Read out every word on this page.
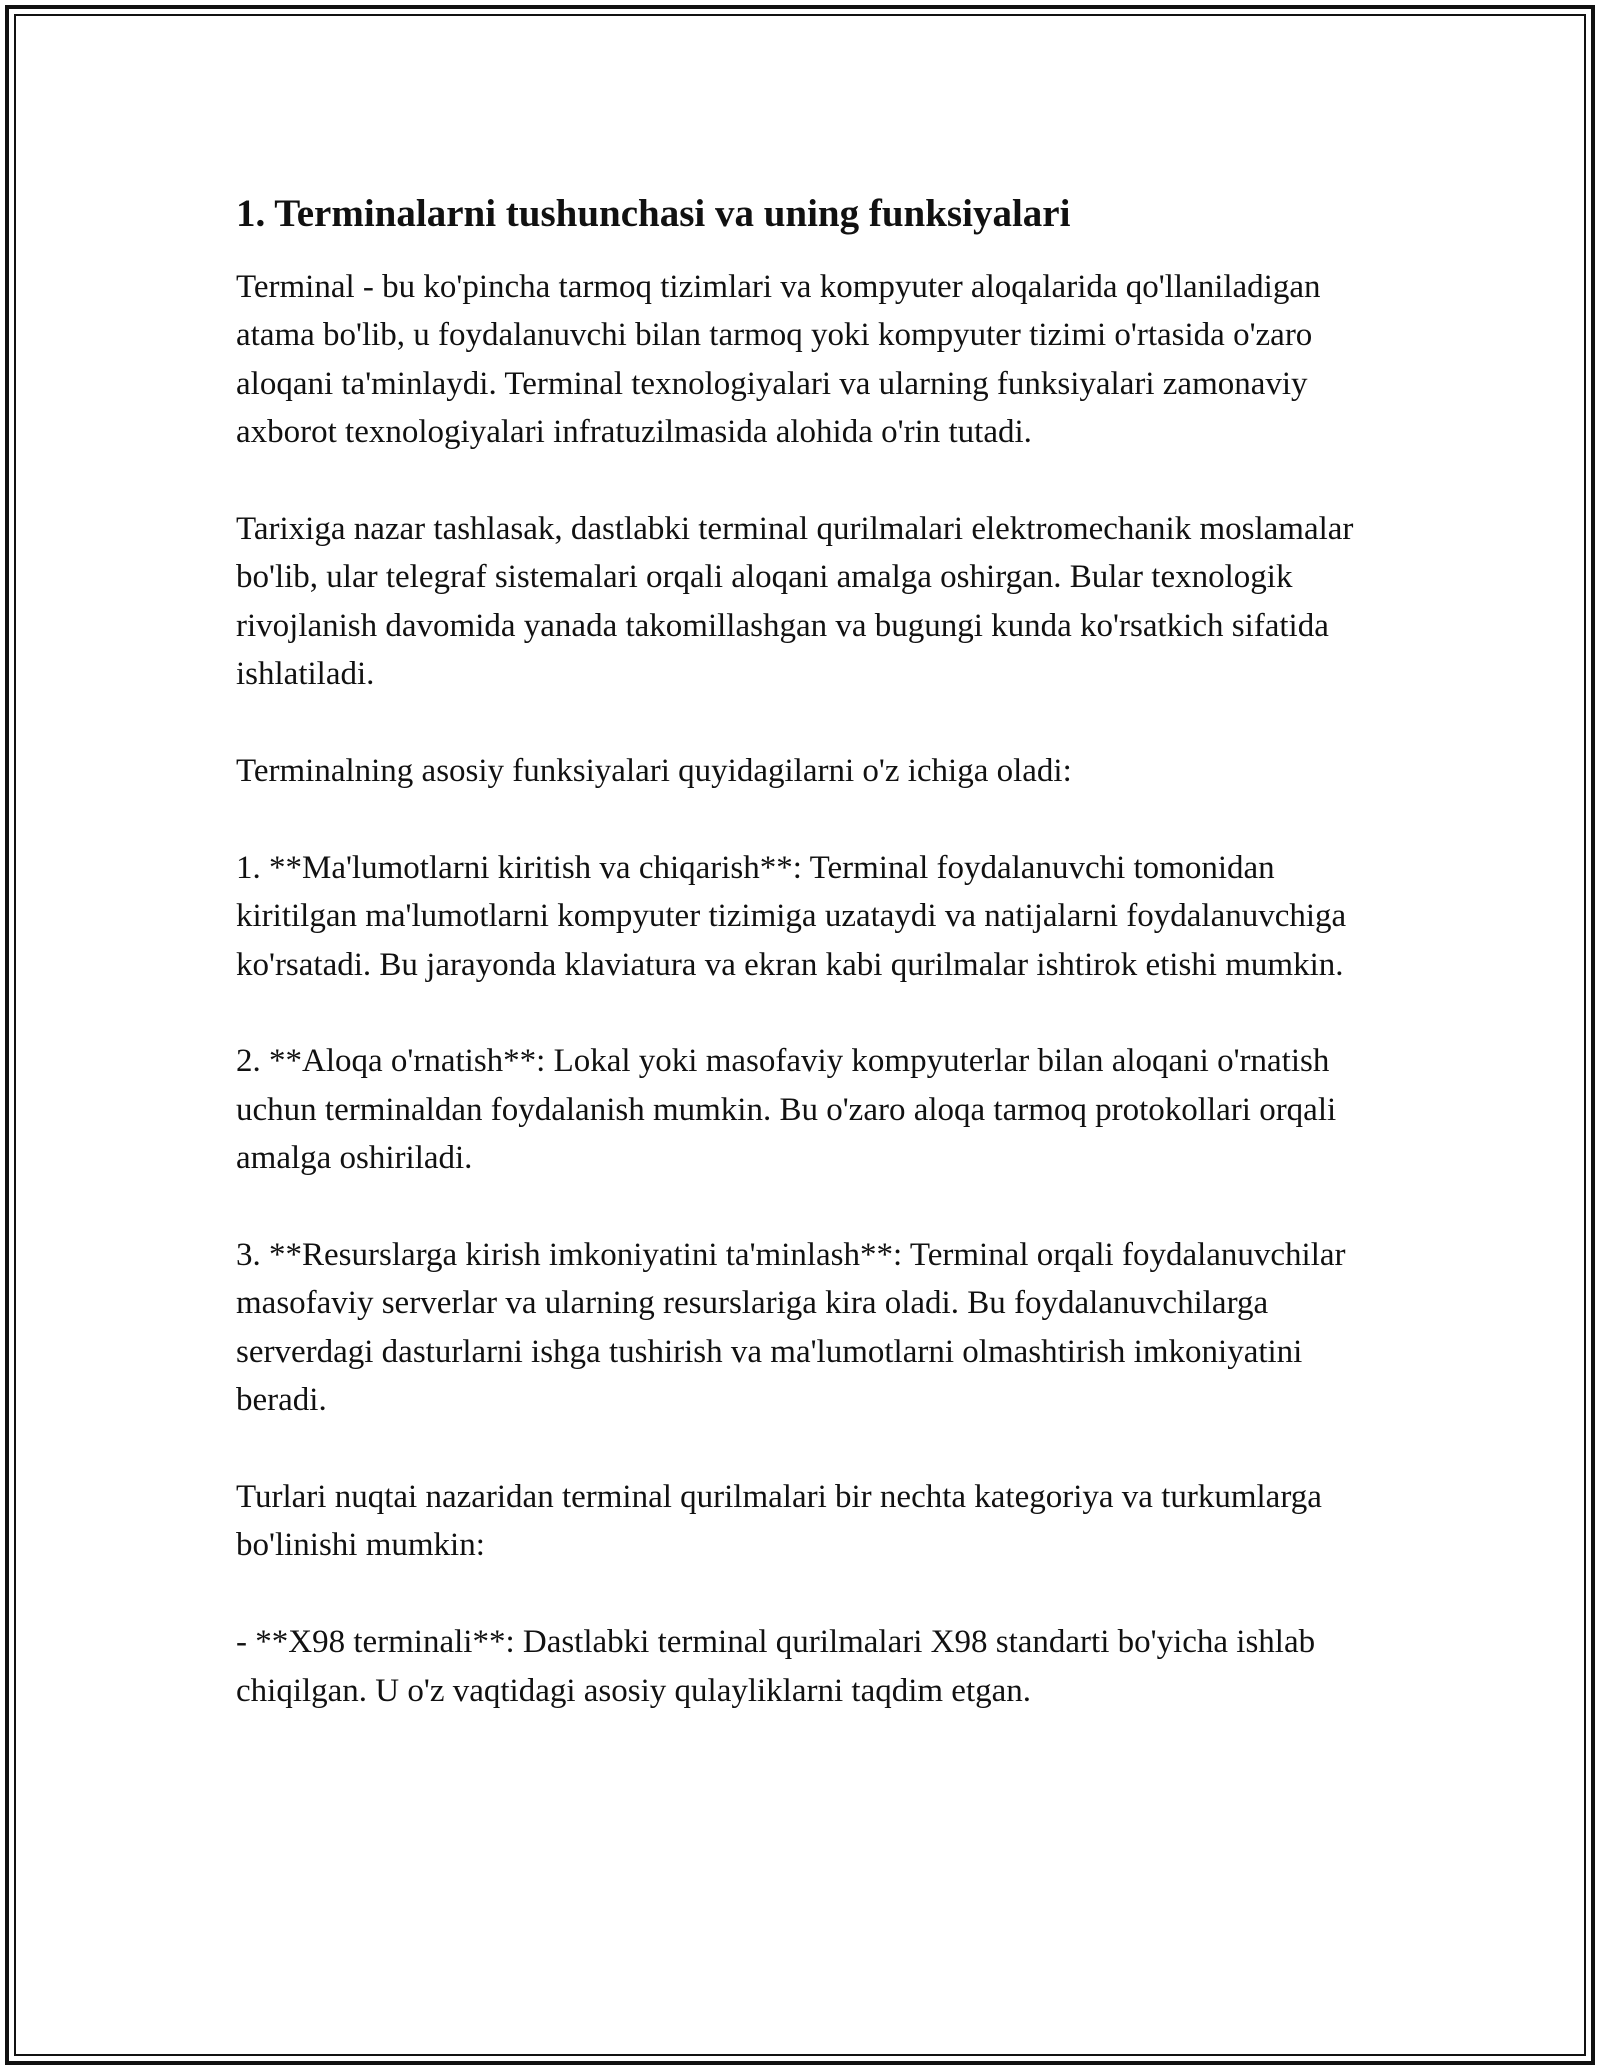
1. Terminalarni tushunchasi va uning funksiyalari

Terminal - bu ko'pincha tarmoq tizimlari va kompyuter aloqalarida qo'llaniladigan atama bo'lib, u foydalanuvchi bilan tarmoq yoki kompyuter tizimi o'rtasida o'zaro aloqani ta'minlaydi. Terminal texnologiyalari va ularning funksiyalari zamonaviy axborot texnologiyalari infratuzilmasida alohida o'rin tutadi.

Tarixiga nazar tashlasak, dastlabki terminal qurilmalari elektromechanik moslamalar bo'lib, ular telegraf sistemalari orqali aloqani amalga oshirgan. Bular texnologik rivojlanish davomida yanada takomillashgan va bugungi kunda ko'rsatkich sifatida ishlatiladi.

Terminalning asosiy funksiyalari quyidagilarni o'z ichiga oladi:

1. **Ma'lumotlarni kiritish va chiqarish**: Terminal foydalanuvchi tomonidan kiritilgan ma'lumotlarni kompyuter tizimiga uzataydi va natijalarni foydalanuvchiga ko'rsatadi. Bu jarayonda klaviatura va ekran kabi qurilmalar ishtirok etishi mumkin.

2. **Aloqa o'rnatish**: Lokal yoki masofaviy kompyuterlar bilan aloqani o'rnatish uchun terminaldan foydalanish mumkin. Bu o'zaro aloqa tarmoq protokollari orqali amalga oshiriladi.

3. **Resurslarga kirish imkoniyatini ta'minlash**: Terminal orqali foydalanuvchilar masofaviy serverlar va ularning resurslariga kira oladi. Bu foydalanuvchilarga serverdagi dasturlarni ishga tushirish va ma'lumotlarni olmashtirish imkoniyatini beradi.

Turlari nuqtai nazaridan terminal qurilmalari bir nechta kategoriya va turkumlarga bo'linishi mumkin:

- **X98 terminali**: Dastlabki terminal qurilmalari X98 standarti bo'yicha ishlab chiqilgan. U o'z vaqtidagi asosiy qulayliklarni taqdim etgan.
